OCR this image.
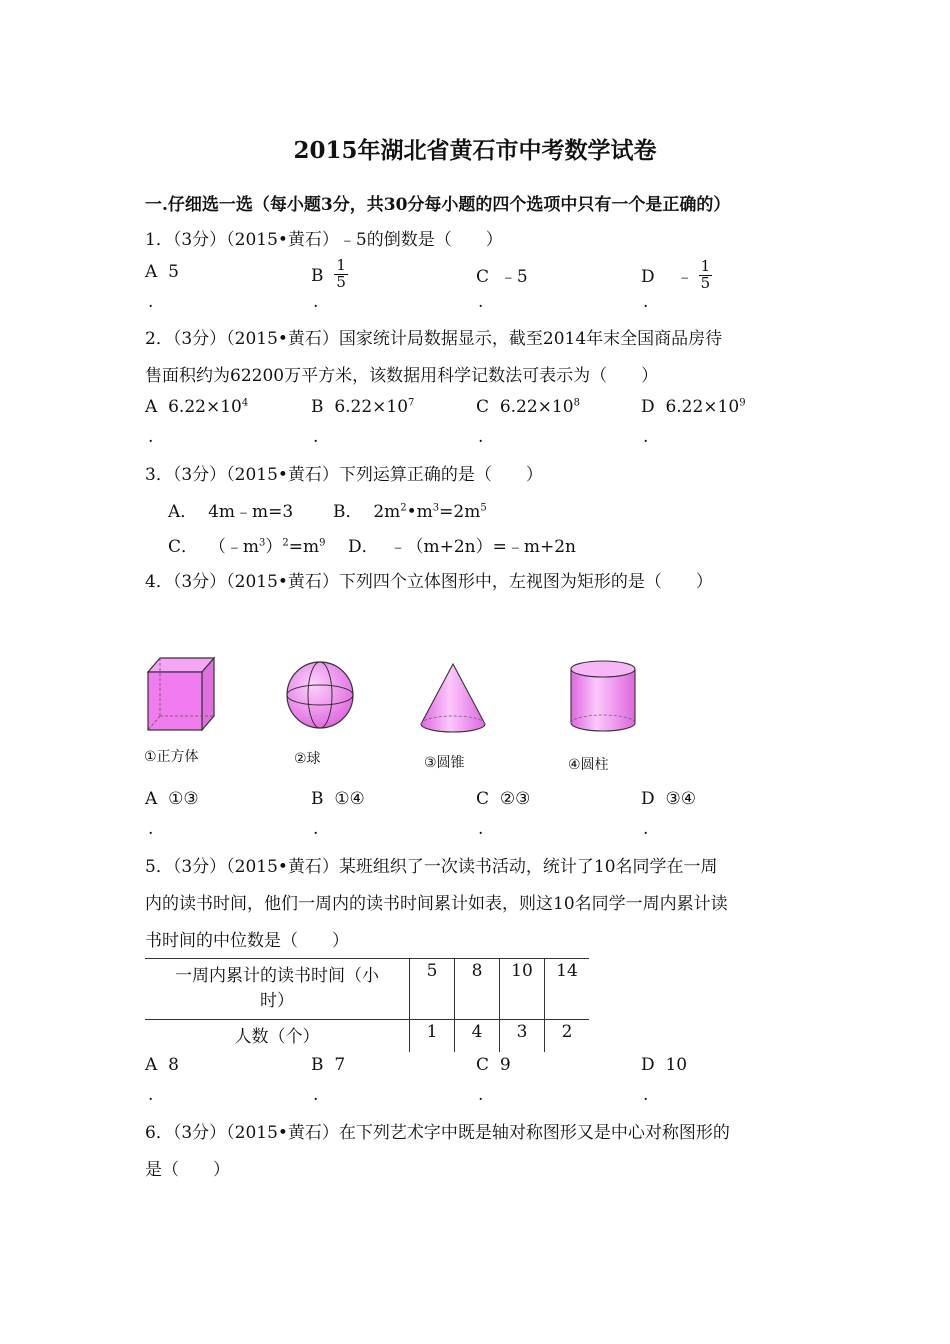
2015年湖北省黄石市中考数学试卷
一.仔细选一选（每小题3分，共30分每小题的四个选项中只有一个是正确的）
1．（3分）（2015•黄石）﹣5的倒数是（　　）
A 5	B $\frac{1}{5}$	C ﹣5	D ﹣ $\frac{1}{5}$
.	.	.	.
2．（3分）（2015•黄石）国家统计局数据显示，截至2014年末全国商品房待
售面积约为62200万平方米，该数据用科学记数法可表示为（　　）
A $6.22\times 10^4$	B $6.22\times 10^7$	C $6.22\times 10^8$	D $6.22\times 10^9$
.	.	.	.
3．（3分）（2015•黄石）下列运算正确的是（　　）
A． 4m﹣m=3 B． $2m^2•m^3=2m^5$
C． $(﹣m^3)^2=m^9$ D． ﹣（m+2n）=﹣m+2n
4．（3分）（2015•黄石）下列四个立体图形中，左视图为矩形的是（　　）
①正方体	②球	③圆锥	④圆柱
A ①③	B ①④	C ②③	D ③④
.	.	.	.
5．（3分）（2015•黄石）某班组织了一次读书活动，统计了10名同学在一周
内的读书时间，他们一周内的读书时间累计如表，则这10名同学一周内累计读
书时间的中位数是（　　）
一周内累计的读书时间（小
时）	5	8	10	14
人数（个）	1	4	3	2
A 8	B 7	C 9	D 10
.	.	.	.
6．（3分）（2015•黄石）在下列艺术字中既是轴对称图形又是中心对称图形的
是（　　）
